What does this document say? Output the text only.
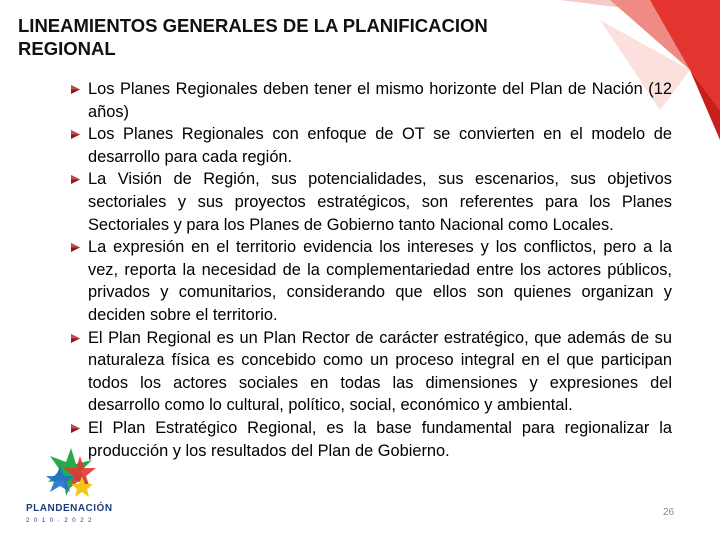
LINEAMIENTOS GENERALES DE LA PLANIFICACION REGIONAL
Los Planes Regionales deben tener el mismo horizonte del Plan de Nación (12 años)
Los Planes Regionales con enfoque de OT se convierten en el modelo de desarrollo para cada región.
La Visión de Región, sus potencialidades, sus escenarios, sus objetivos sectoriales y sus proyectos estratégicos, son referentes para los Planes Sectoriales y para los Planes de Gobierno tanto Nacional como Locales.
La expresión en el territorio evidencia los intereses y los conflictos, pero a la vez, reporta la necesidad de la complementariedad entre los actores públicos, privados y comunitarios, considerando que ellos son quienes organizan y deciden sobre el territorio.
El Plan Regional es un Plan Rector de carácter estratégico, que además de su naturaleza física es concebido como un proceso integral en el que participan todos los actores sociales en todas las dimensiones y expresiones del desarrollo como lo cultural, político, social, económico y ambiental.
El Plan Estratégico Regional, es la base fundamental para regionalizar la producción y los resultados del Plan de Gobierno.
PLANDENACIÓN
2010·2022
26
